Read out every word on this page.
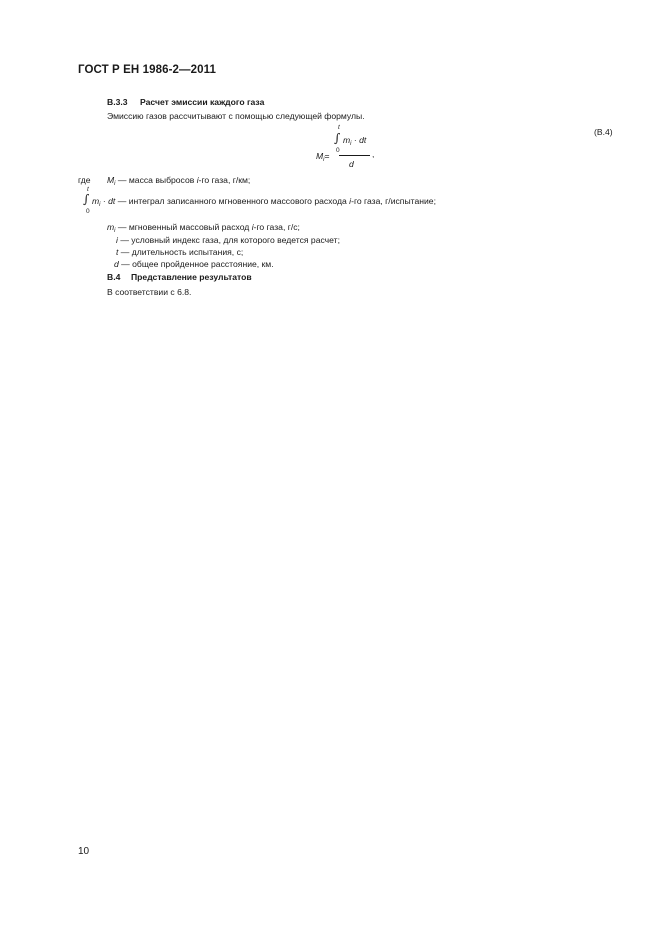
ГОСТ Р ЕН 1986-2—2011
B.3.3 Расчет эмиссии каждого газа
Эмиссию газов рассчитывают с помощью следующей формулы.
t
∫ $m_i$ · dt
0
$M_i=$	,
d
(B.4)
где $M_i$ — масса выбросов i-го газа, г/км;
t
∫
0
$m_i$ · dt — интеграл записанного мгновенного массового расхода i-го газа, г/испытание;
$m_i$ — мгновенный массовый расход i-го газа, г/с;
i — условный индекс газа, для которого ведется расчет;
t — длительность испытания, с;
d — общее пройденное расстояние, км.
B.4 Представление результатов
В соответствии с 6.8.
10
